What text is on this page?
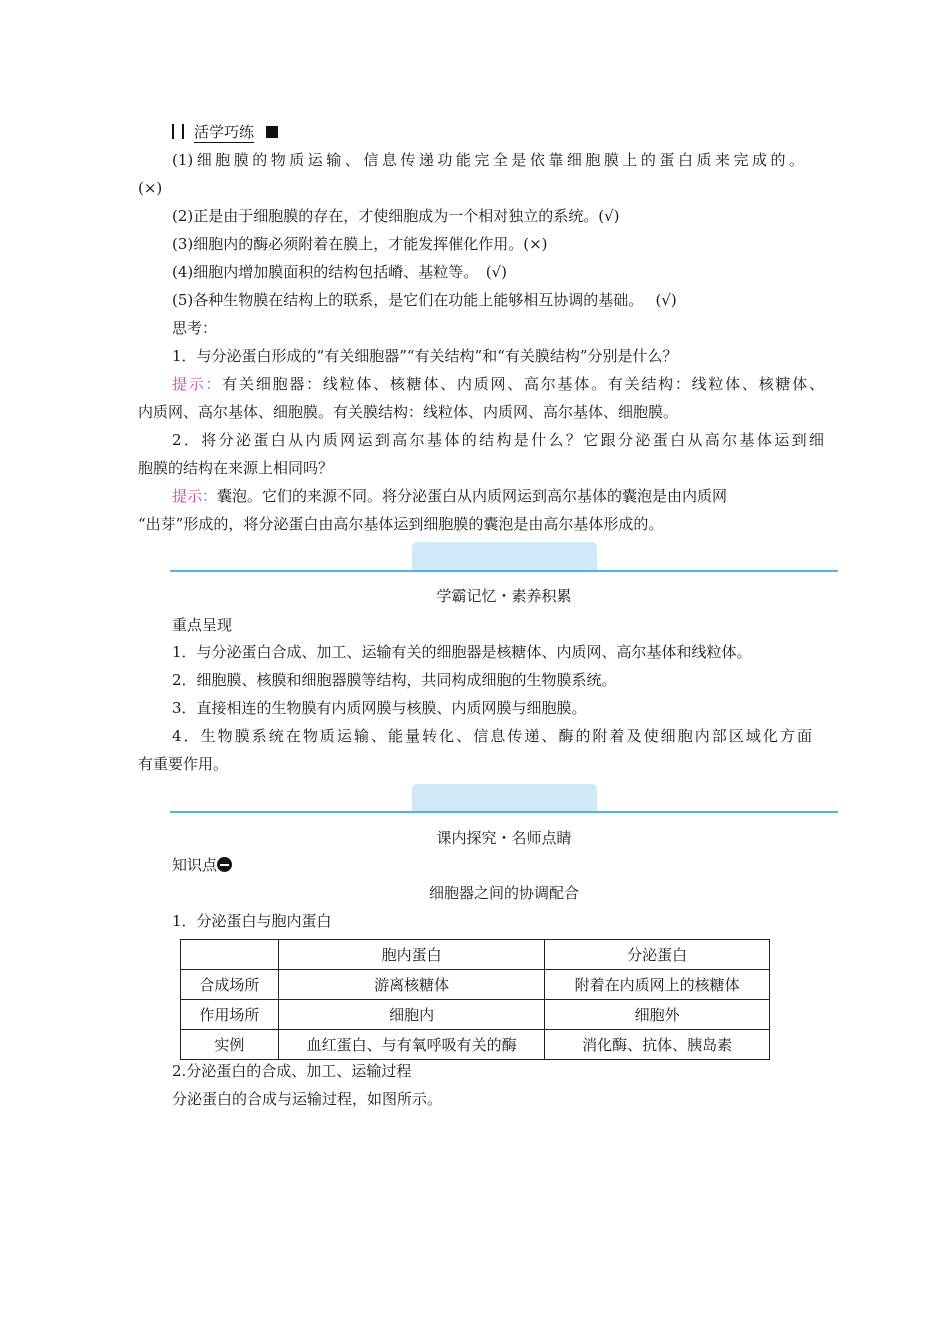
活学巧练
(1)细胞膜的物质运输、信息传递功能完全是依靠细胞膜上的蛋白质来完成的。
(×)
(2)正是由于细胞膜的存在，才使细胞成为一个相对独立的系统。(√)
(3)细胞内的酶必须附着在膜上，才能发挥催化作用。(×)
(4)细胞内增加膜面积的结构包括嵴、基粒等。　(√)
(5)各种生物膜在结构上的联系，是它们在功能上能够相互协调的基础。　 (√)
思考：
1．与分泌蛋白形成的“有关细胞器”“有关结构”和“有关膜结构”分别是什么？
提示：有关细胞器：线粒体、核糖体、内质网、高尔基体。有关结构：线粒体、核糖体、
内质网、高尔基体、细胞膜。有关膜结构：线粒体、内质网、高尔基体、细胞膜。
2．将分泌蛋白从内质网运到高尔基体的结构是什么？它跟分泌蛋白从高尔基体运到细
胞膜的结构在来源上相同吗？
提示：囊泡。它们的来源不同。将分泌蛋白从内质网运到高尔基体的囊泡是由内质网
“出芽”形成的，将分泌蛋白由高尔基体运到细胞膜的囊泡是由高尔基体形成的。
学霸记忆・素养积累
重点呈现
1．与分泌蛋白合成、加工、运输有关的细胞器是核糖体、内质网、高尔基体和线粒体。
2．细胞膜、核膜和细胞器膜等结构，共同构成细胞的生物膜系统。
3．直接相连的生物膜有内质网膜与核膜、内质网膜与细胞膜。
4．生物膜系统在物质运输、能量转化、信息传递、酶的附着及使细胞内部区域化方面
有重要作用。
课内探究・名师点睛
知识点
细胞器之间的协调配合
1．分泌蛋白与胞内蛋白
	胞内蛋白	分泌蛋白
合成场所	游离核糖体	附着在内质网上的核糖体
作用场所	细胞内	细胞外
实例	血红蛋白、与有氧呼吸有关的酶	消化酶、抗体、胰岛素
2.分泌蛋白的合成、加工、运输过程
分泌蛋白的合成与运输过程，如图所示。
